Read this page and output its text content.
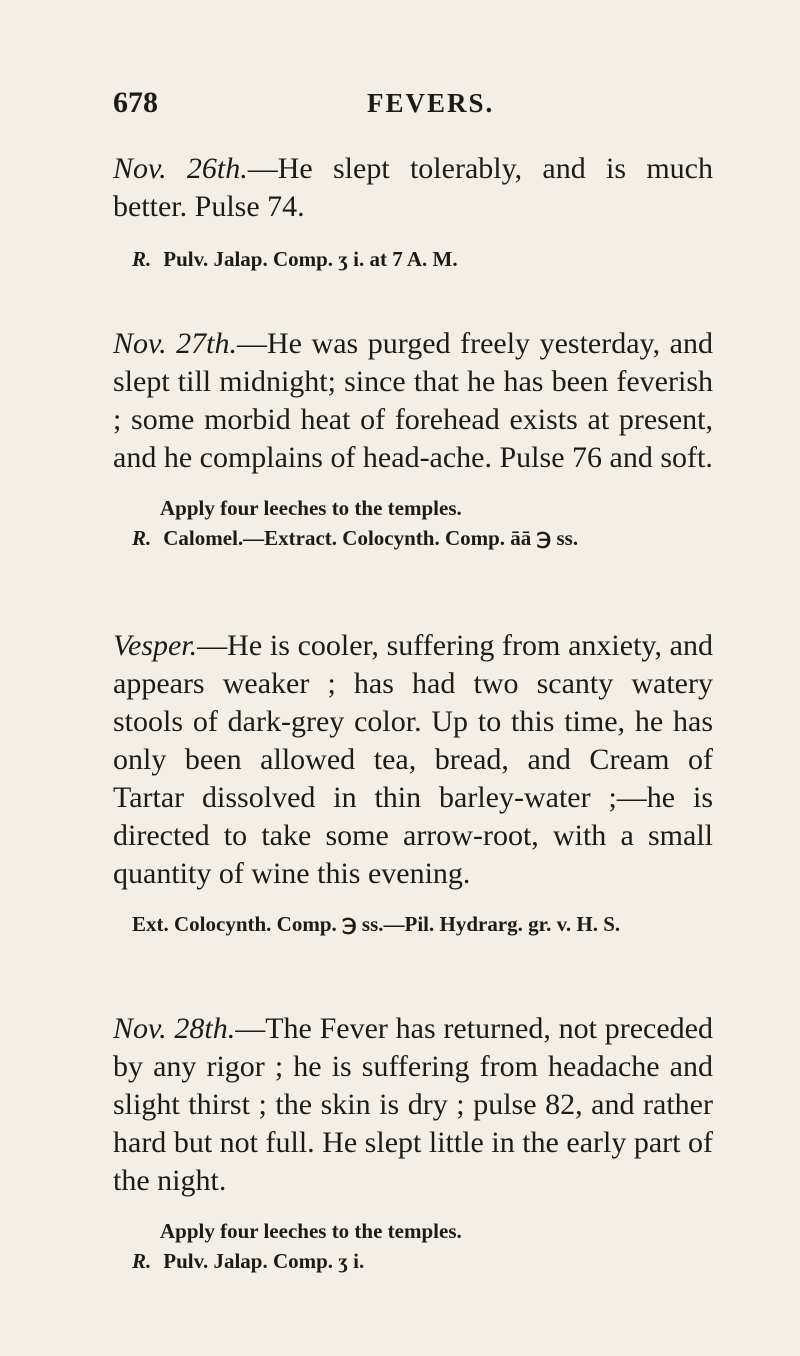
678	FEVERS.
Nov. 26th.—He slept tolerably, and is much better. Pulse 74.
R. Pulv. Jalap. Comp. ʒ i. at 7 A. M.
Nov. 27th.—He was purged freely yesterday, and slept till midnight; since that he has been feverish ; some morbid heat of forehead exists at present, and he complains of head-ache. Pulse 76 and soft.
Apply four leeches to the temples.
R. Calomel.—Extract. Colocynth. Comp. āā ℈ ss.
Vesper.—He is cooler, suffering from anxiety, and appears weaker ; has had two scanty watery stools of dark-grey color. Up to this time, he has only been allowed tea, bread, and Cream of Tartar dissolved in thin barley-water ;—he is directed to take some arrow-root, with a small quantity of wine this evening.
Ext. Colocynth. Comp. ℈ ss.—Pil. Hydrarg. gr. v. H. S.
Nov. 28th.—The Fever has returned, not preceded by any rigor ; he is suffering from headache and slight thirst ; the skin is dry ; pulse 82, and rather hard but not full. He slept little in the early part of the night.
Apply four leeches to the temples.
R. Pulv. Jalap. Comp. ʒ i.
